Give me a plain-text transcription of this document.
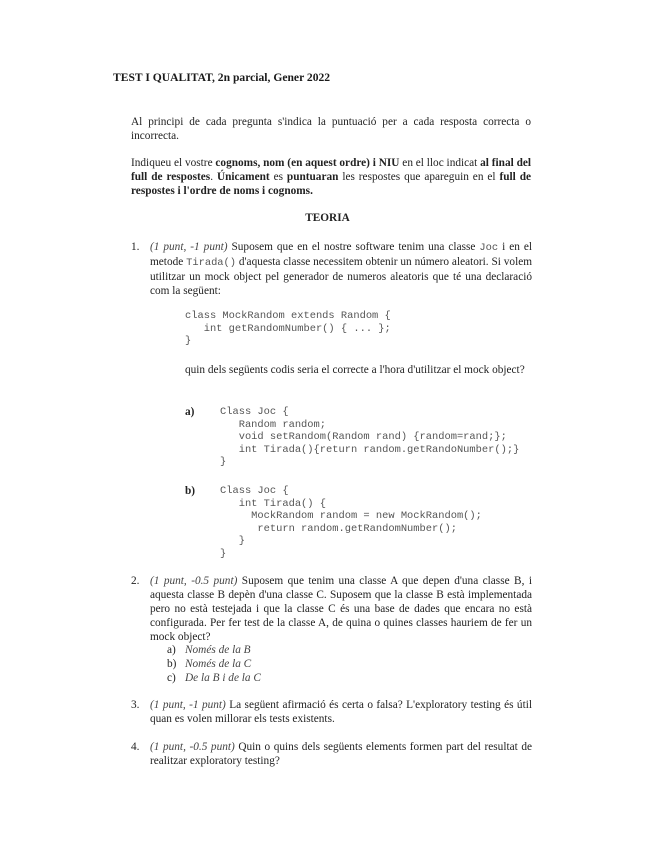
TEST I QUALITAT, 2n parcial, Gener 2022
Al principi de cada pregunta s'indica la puntuació per a cada resposta correcta o incorrecta.
Indiqueu el vostre cognoms, nom (en aquest ordre) i NIU en el lloc indicat al final del full de respostes. Únicament es puntuaran les respostes que apareguin en el full de respostes i l'ordre de noms i cognoms.
TEORIA
1. (1 punt, -1 punt) Suposem que en el nostre software tenim una classe Joc i en el metode Tirada() d'aquesta classe necessitem obtenir un número aleatori. Si volem utilitzar un mock object pel generador de numeros aleatoris que té una declaració com la següent:
class MockRandom extends Random {
int getRandomNumber() { ... };
}
quin dels següents codis seria el correcte a l'hora d'utilitzar el mock object?
a) Class Joc {
Random random;
void setRandom(Random rand) {random=rand;};
int Tirada(){return random.getRandoNumber();}
}
b) Class Joc {
int Tirada() {
MockRandom random = new MockRandom();
return random.getRandomNumber();
}
}
2. (1 punt, -0.5 punt) Suposem que tenim una classe A que depen d'una classe B, i aquesta classe B depèn d'una classe C. Suposem que la classe B està implementada pero no està testejada i que la classe C és una base de dades que encara no està configurada. Per fer test de la classe A, de quina o quines classes hauriem de fer un mock object?
a) Només de la B
b) Només de la C
c) De la B i de la C
3. (1 punt, -1 punt) La següent afirmació és certa o falsa? L'exploratory testing és útil quan es volen millorar els tests existents.
4. (1 punt, -0.5 punt) Quin o quins dels següents elements formen part del resultat de realitzar exploratory testing?
